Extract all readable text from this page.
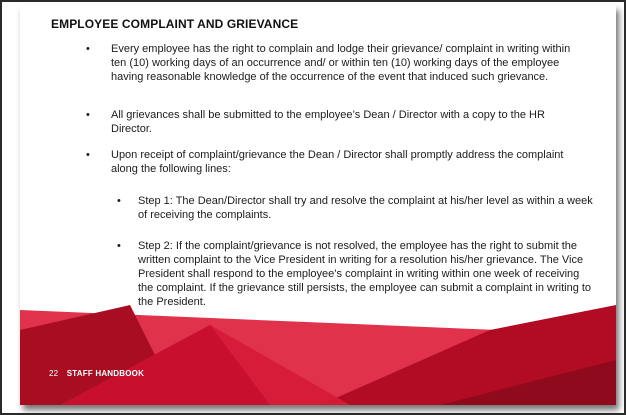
EMPLOYEE COMPLAINT AND GRIEVANCE
• Every employee has the right to complain and lodge their grievance/ complaint in writing within ten (10) working days of an occurrence and/ or within ten (10) working days of the employee having reasonable knowledge of the occurrence of the event that induced such grievance.
• All grievances shall be submitted to the employee’s Dean / Director with a copy to the HR Director.
• Upon receipt of complaint/grievance the Dean / Director shall promptly address the complaint along the following lines:
• Step 1: The Dean/Director shall try and resolve the complaint at his/her level as within a week of receiving the complaints.
• Step 2: If the complaint/grievance is not resolved, the employee has the right to submit the written complaint to the Vice President in writing for a resolution his/her grievance. The Vice President shall respond to the employee’s complaint in writing within one week of receiving the complaint. If the grievance still persists, the employee can submit a complaint in writing to the President.
22 STAFF HANDBOOK
